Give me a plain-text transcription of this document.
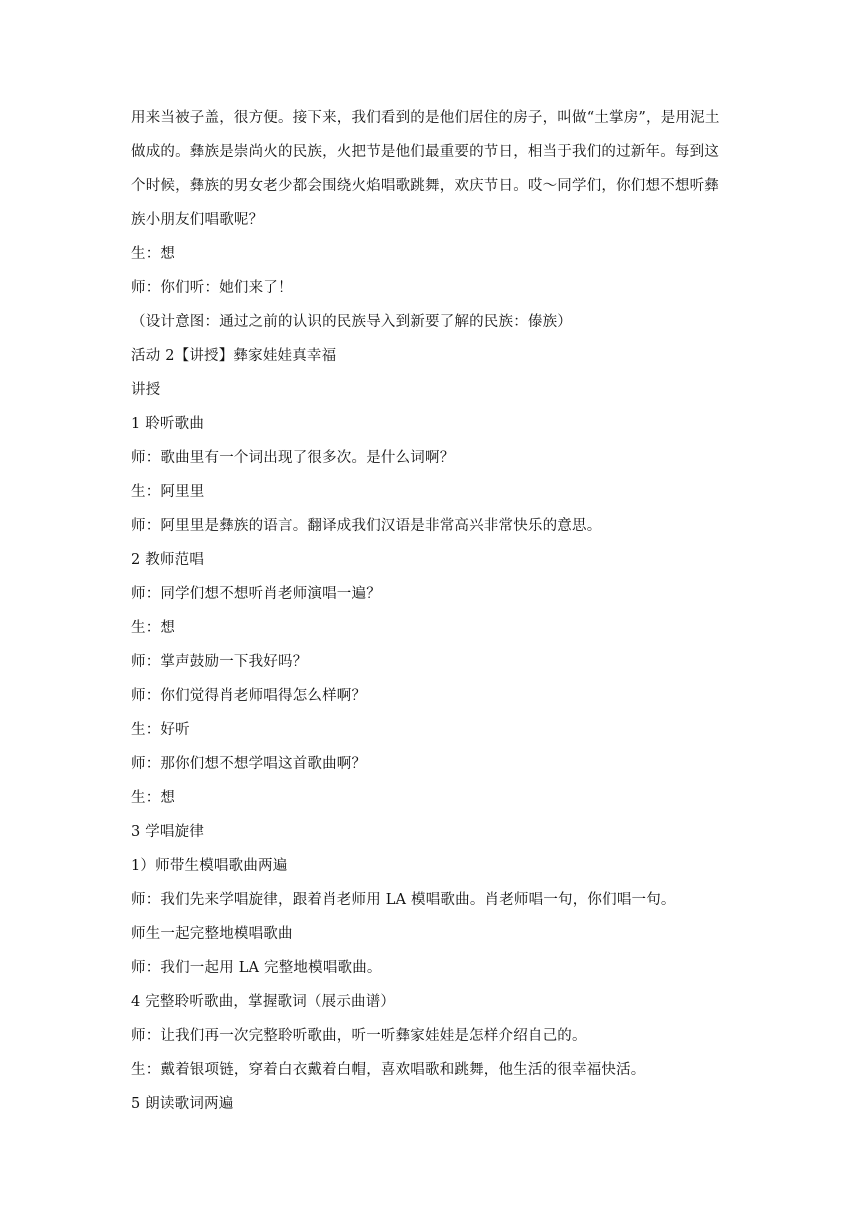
用来当被子盖，很方便。接下来，我们看到的是他们居住的房子，叫做“土掌房”，是用泥土
做成的。彝族是崇尚火的民族，火把节是他们最重要的节日，相当于我们的过新年。每到这
个时候，彝族的男女老少都会围绕火焰唱歌跳舞，欢庆节日。哎～同学们，你们想不想听彝
族小朋友们唱歌呢？
生：想
师：你们听：她们来了！
（设计意图：通过之前的认识的民族导入到新要了解的民族：傣族）
活动 2【讲授】彝家娃娃真幸福
讲授
1 聆听歌曲
师：歌曲里有一个词出现了很多次。是什么词啊？
生：阿里里
师：阿里里是彝族的语言。翻译成我们汉语是非常高兴非常快乐的意思。
2 教师范唱
师：同学们想不想听肖老师演唱一遍？
生：想
师：掌声鼓励一下我好吗？
师：你们觉得肖老师唱得怎么样啊？
生：好听
师：那你们想不想学唱这首歌曲啊？
生：想
3 学唱旋律
1）师带生模唱歌曲两遍
师：我们先来学唱旋律，跟着肖老师用 LA 模唱歌曲。肖老师唱一句，你们唱一句。
师生一起完整地模唱歌曲
师：我们一起用 LA 完整地模唱歌曲。
4 完整聆听歌曲，掌握歌词（展示曲谱）
师：让我们再一次完整聆听歌曲，听一听彝家娃娃是怎样介绍自己的。
生：戴着银项链，穿着白衣戴着白帽，喜欢唱歌和跳舞，他生活的很幸福快活。
5 朗读歌词两遍
